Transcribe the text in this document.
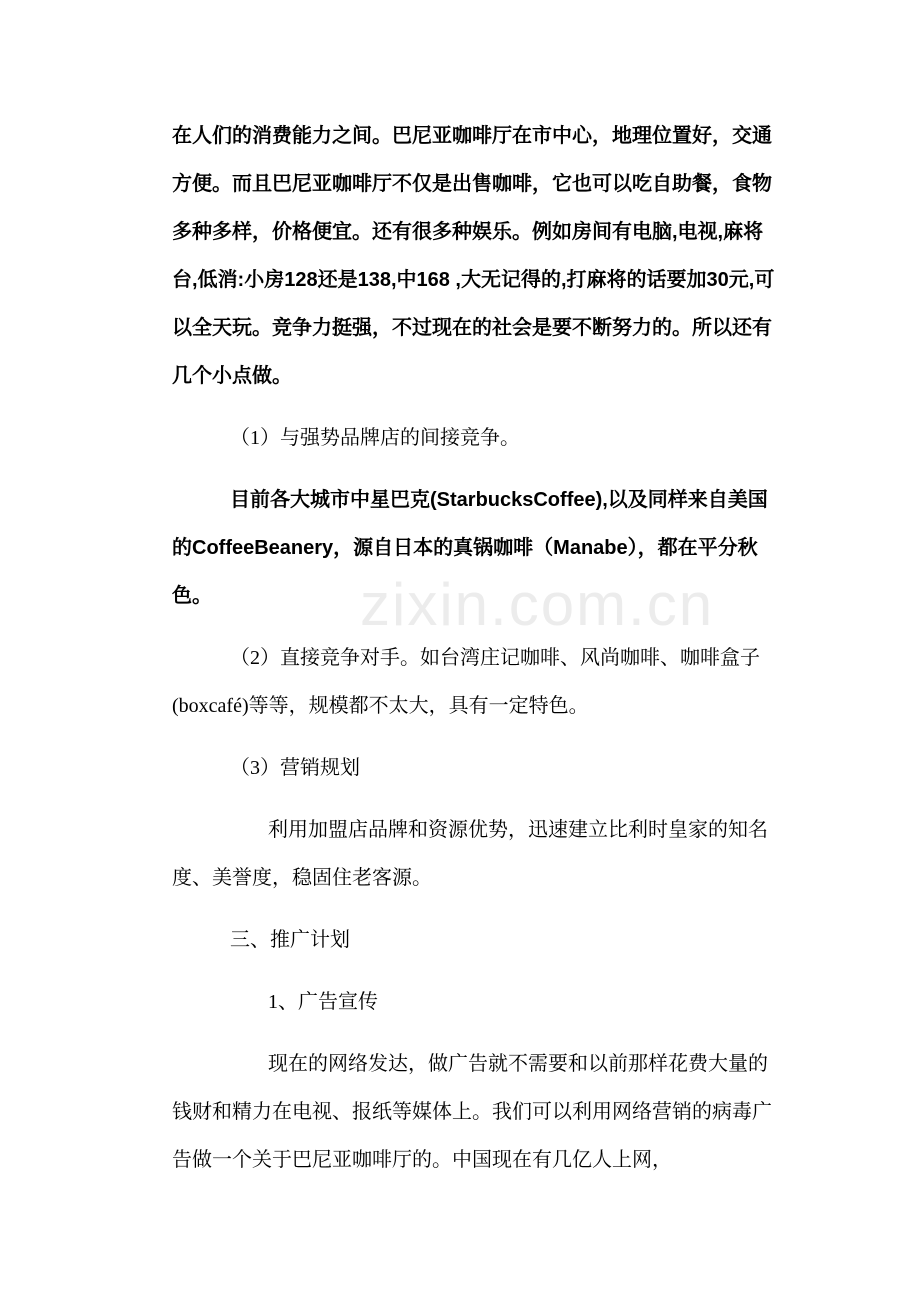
zixin.com.cn

在人们的消费能力之间。巴尼亚咖啡厅在市中心，地理位置好，交通方便。而且巴尼亚咖啡厅不仅是出售咖啡，它也可以吃自助餐，食物多种多样，价格便宜。还有很多种娱乐。例如房间有电脑,电视,麻将台,低消:小房128还是138,中168 ,大无记得的,打麻将的话要加30元,可以全天玩。竞争力挺强，不过现在的社会是要不断努力的。所以还有几个小点做。

（1）与强势品牌店的间接竞争。

目前各大城市中星巴克(StarbucksCoffee),以及同样来自美国的CoffeeBeanery，源自日本的真锅咖啡（Manabe），都在平分秋色。

（2）直接竞争对手。如台湾庄记咖啡、风尚咖啡、咖啡盒子(boxcafé)等等，规模都不太大，具有一定特色。

（3）营销规划

利用加盟店品牌和资源优势，迅速建立比利时皇家的知名度、美誉度，稳固住老客源。

三、推广计划

1、广告宣传

现在的网络发达，做广告就不需要和以前那样花费大量的钱财和精力在电视、报纸等媒体上。我们可以利用网络营销的病毒广告做一个关于巴尼亚咖啡厅的。中国现在有几亿人上网，
